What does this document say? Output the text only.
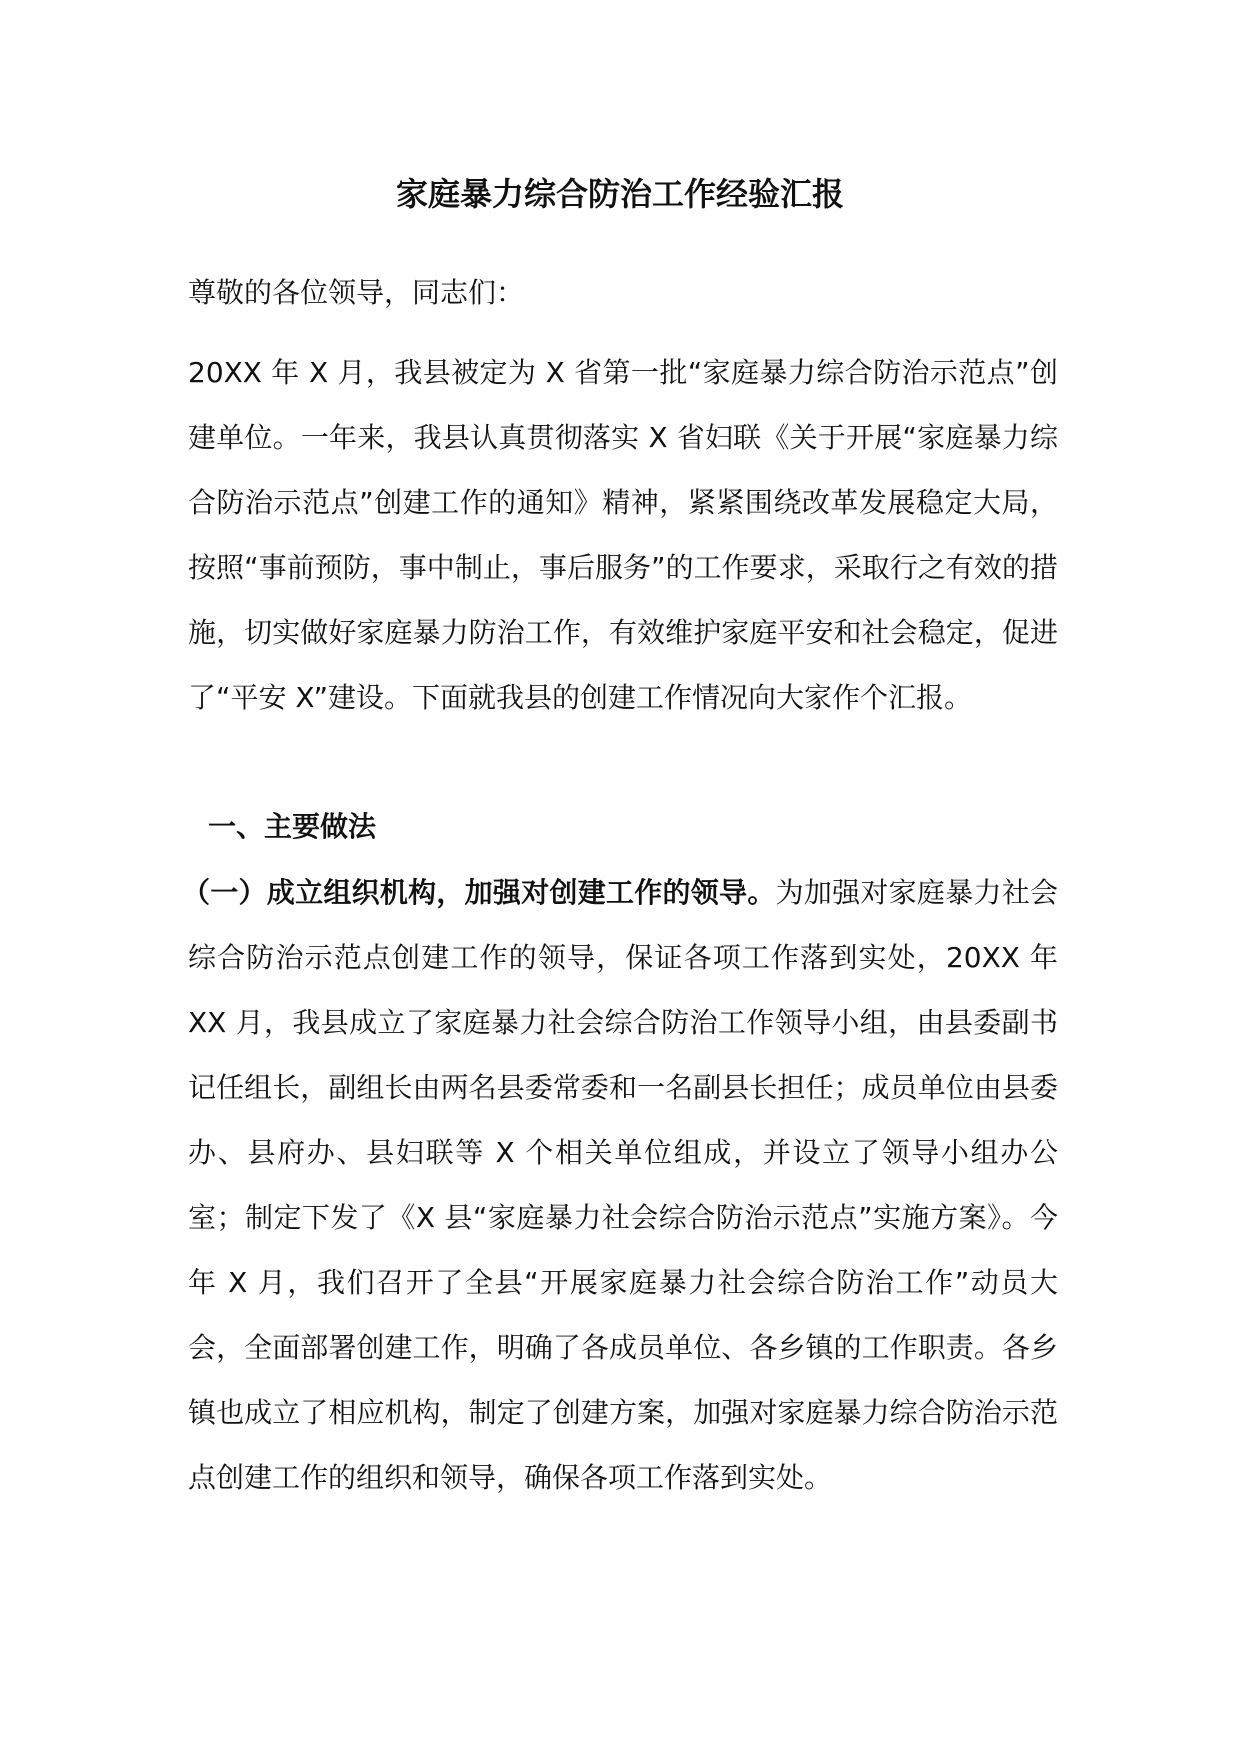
家庭暴力综合防治工作经验汇报
尊敬的各位领导，同志们：
20XX 年 X 月，我县被定为 X 省第一批“家庭暴力综合防治示范点”创建单位。一年来，我县认真贯彻落实 X 省妇联《关于开展“家庭暴力综合防治示范点”创建工作的通知》精神，紧紧围绕改革发展稳定大局，按照“事前预防，事中制止，事后服务”的工作要求，采取行之有效的措施，切实做好家庭暴力防治工作，有效维护家庭平安和社会稳定，促进了“平安 X”建设。下面就我县的创建工作情况向大家作个汇报。
一、主要做法
（一）成立组织机构，加强对创建工作的领导。为加强对家庭暴力社会综合防治示范点创建工作的领导，保证各项工作落到实处，20XX 年 XX 月，我县成立了家庭暴力社会综合防治工作领导小组，由县委副书记任组长，副组长由两名县委常委和一名副县长担任；成员单位由县委办、县府办、县妇联等 X 个相关单位组成，并设立了领导小组办公室；制定下发了《X 县“家庭暴力社会综合防治示范点”实施方案》。今年 X 月，我们召开了全县“开展家庭暴力社会综合防治工作”动员大会，全面部署创建工作，明确了各成员单位、各乡镇的工作职责。各乡镇也成立了相应机构，制定了创建方案，加强对家庭暴力综合防治示范点创建工作的组织和领导，确保各项工作落到实处。
